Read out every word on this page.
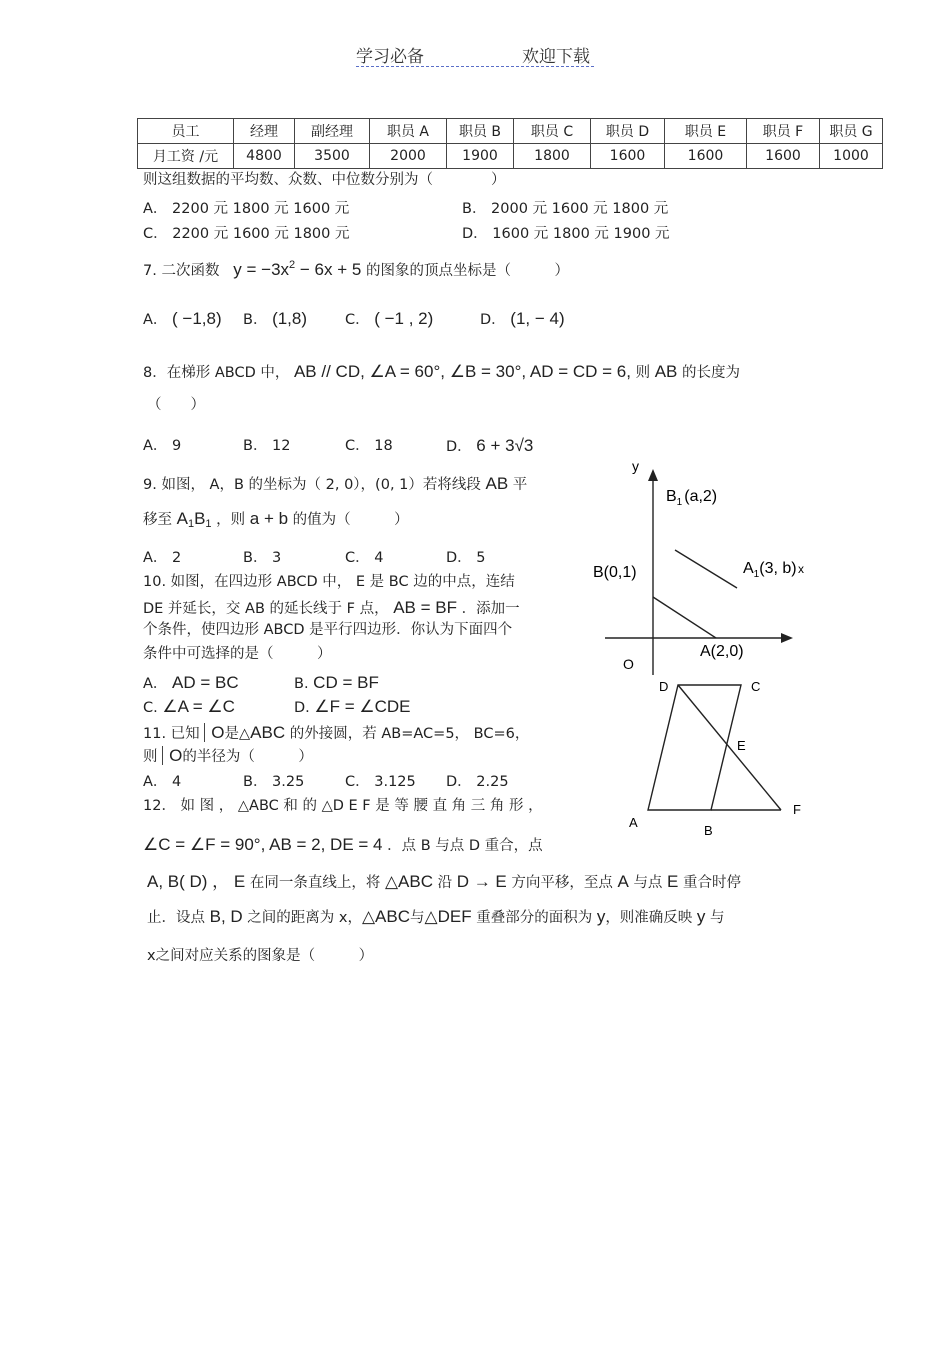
学习必备	欢迎下载
员工	经理	副经理	职员 A	职员 B	职员 C	职员 D	职员 E	职员 F	职员 G
月工资 /元	4800	3500	2000	1900	1800	1600	1600	1600	1000
则这组数据的平均数、众数、中位数分别为（　　　　）
A． 2200 元 1800 元 1600 元	B． 2000 元 1600 元 1800 元
C． 2200 元 1600 元 1800 元	D． 1600 元 1800 元 1900 元
7. 二次函数 $y = -3x^2 - 6x + 5$ 的图象的顶点坐标是（　　　）
A． ( −1,8) B． (1,8)	C． ( −1 , 2)	D． (1, − 4)
8．在梯形 ABCD 中， AB // CD, ∠A = 60°, ∠B = 30°, AD = CD = 6, 则 AB 的长度为
（　　）
A． 9	B． 12	C． 18	D． 6 + 3√3
9. 如图， A，B 的坐标为（ 2, 0），(0, 1）若将线段 AB 平
移至 $A_1B_1$ ，则 a + b 的值为（　　　）
A． 2	B． 3	C． 4	D． 5
10. 如图，在四边形 ABCD 中， E 是 BC 边的中点，连结
DE 并延长，交 AB 的延长线于 F 点， AB = BF ．添加一
个条件，使四边形 ABCD 是平行四边形．你认为下面四个
条件中可选择的是（　　　）
A． AD = BC	B. CD = BF
C. ∠A = ∠C	D. ∠F = ∠CDE
11. 已知 O是△ABC 的外接圆，若 AB=AC=5， BC=6，
则 O的半径为（　　　）
A． 4	B． 3.25	C． 3.125 D． 2.25
12． 如 图 ， △ABC 和 的 △D E F 是 等 腰 直 角 三 角 形 ，
∠C = ∠F = 90°, AB = 2, DE = 4 ．点 B 与点 D 重合，点
A, B( D) ， E 在同一条直线上，将 △ABC 沿 D → E 方向平移，至点 A 与点 E 重合时停
止．设点 B, D 之间的距离为 x，△ABC与△DEF 重叠部分的面积为 y，则准确反映 y 与
x之间对应关系的图象是（　　　）
y
x
O
$B_1$ (a,2)
$A_1(3$, b)
B(0,1)
A(2,0)
D	C
E
A
B
F
